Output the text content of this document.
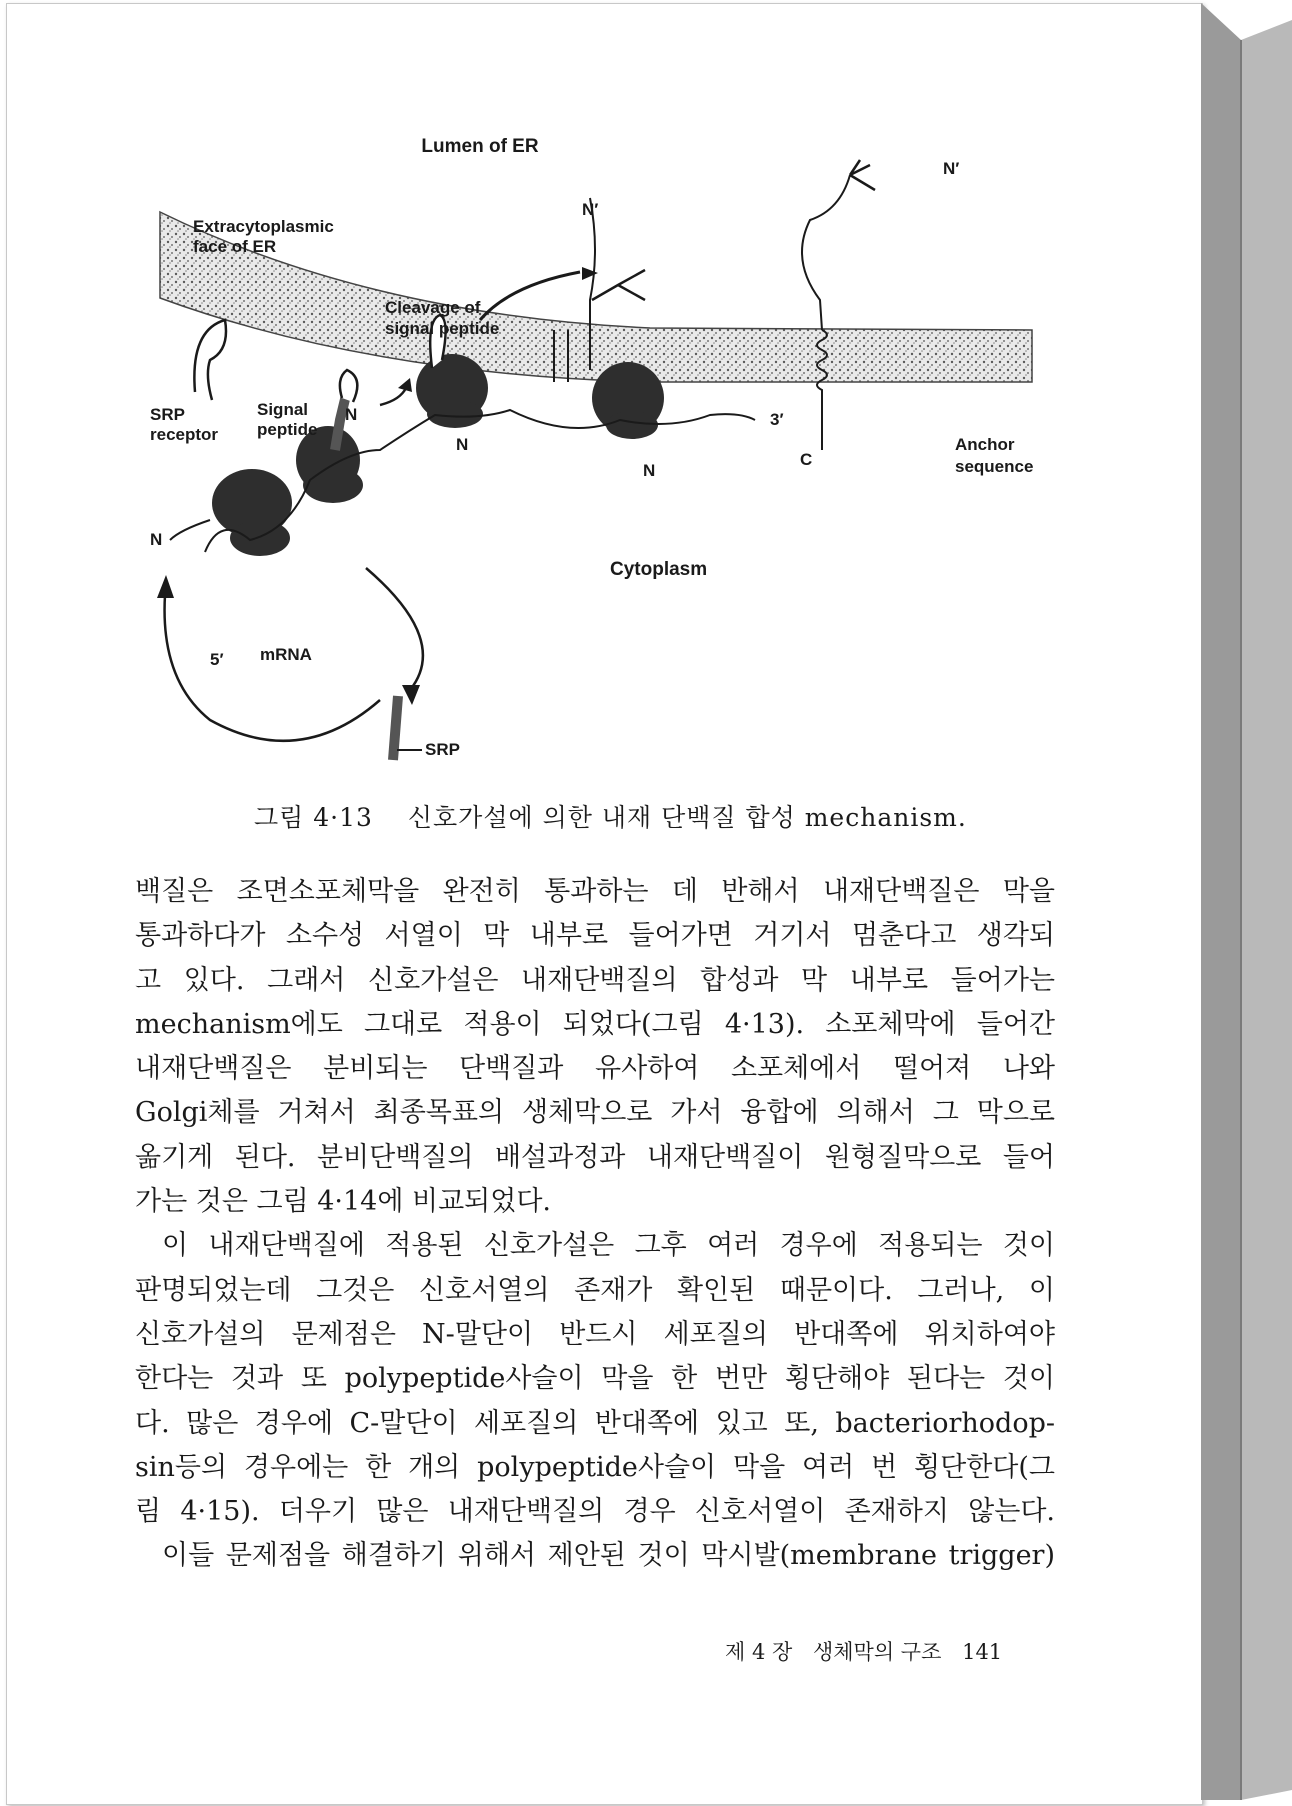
Lumen of ER
Extracytoplasmic
face of ER
Cleavage of
signal peptide
Signal
peptide
SRP
receptor
N′
N′
N
N
N
N
3′
C
Anchor
sequence
Cytoplasm
5′ mRNA
SRP
그림 4·13 신호가설에 의한 내재 단백질 합성 mechanism.
백질은 조면소포체막을 완전히 통과하는 데 반해서 내재단백질은 막을
통과하다가 소수성 서열이 막 내부로 들어가면 거기서 멈춘다고 생각되
고 있다. 그래서 신호가설은 내재단백질의 합성과 막 내부로 들어가는
mechanism에도 그대로 적용이 되었다(그림 4·13). 소포체막에 들어간
내재단백질은 분비되는 단백질과 유사하여 소포체에서 떨어져 나와
Golgi체를 거쳐서 최종목표의 생체막으로 가서 융합에 의해서 그 막으로
옮기게 된다. 분비단백질의 배설과정과 내재단백질이 원형질막으로 들어
가는 것은 그림 4·14에 비교되었다.
이 내재단백질에 적용된 신호가설은 그후 여러 경우에 적용되는 것이
판명되었는데 그것은 신호서열의 존재가 확인된 때문이다. 그러나, 이
신호가설의 문제점은 N-말단이 반드시 세포질의 반대쪽에 위치하여야
한다는 것과 또 polypeptide사슬이 막을 한 번만 횡단해야 된다는 것이
다. 많은 경우에 C-말단이 세포질의 반대쪽에 있고 또, bacteriorhodop-
sin등의 경우에는 한 개의 polypeptide사슬이 막을 여러 번 횡단한다(그
림 4·15). 더우기 많은 내재단백질의 경우 신호서열이 존재하지 않는다.
이들 문제점을 해결하기 위해서 제안된 것이 막시발(membrane trigger)
제 4 장 생체막의 구조 141
